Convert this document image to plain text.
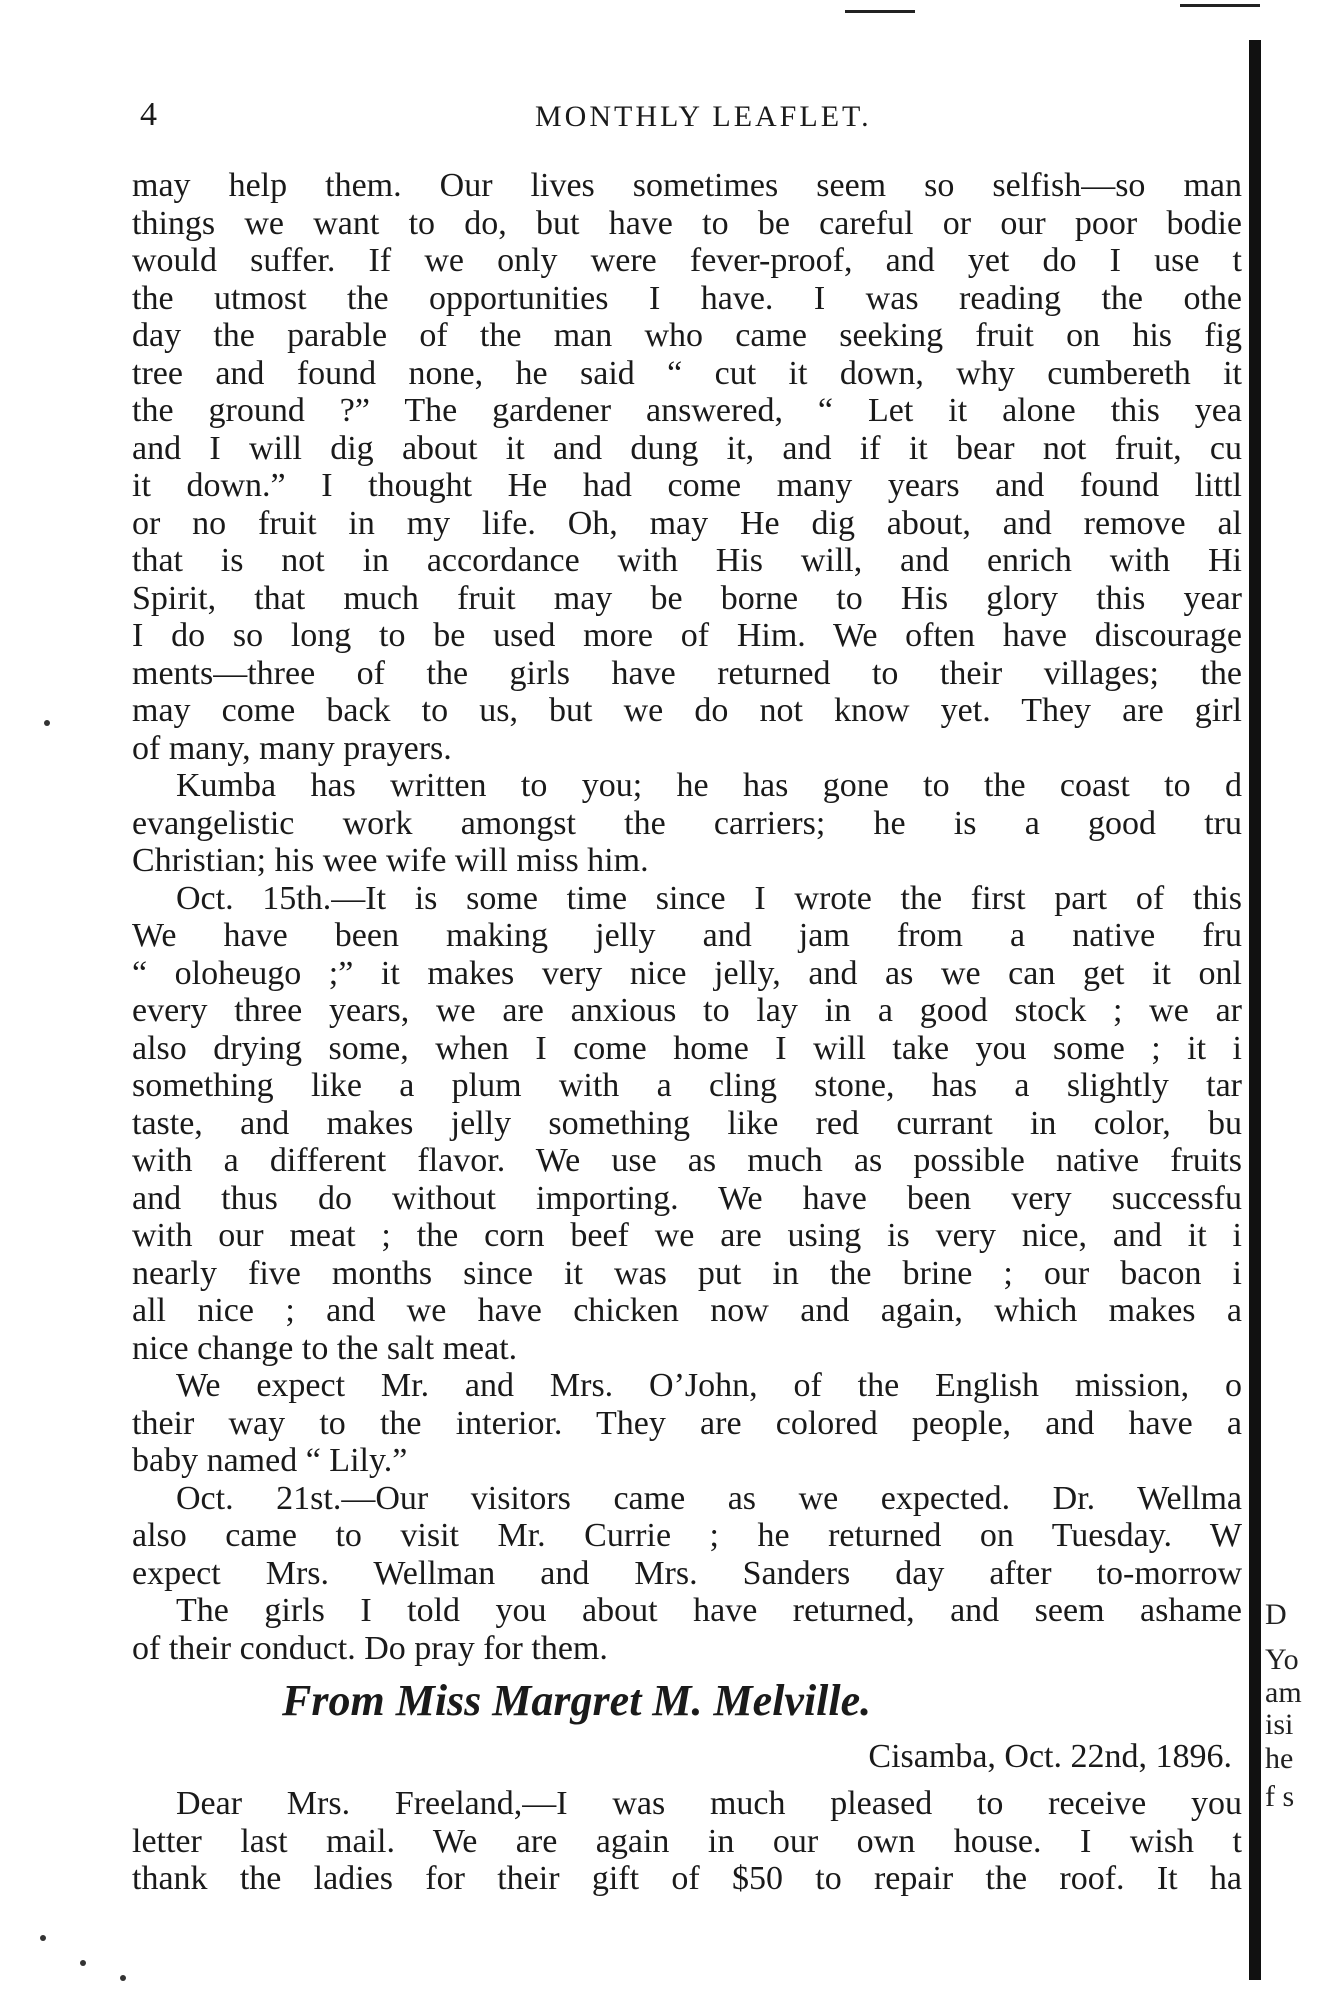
4	MONTHLY LEAFLET.
may help them. Our lives sometimes seem so selfish—so man
things we want to do, but have to be careful or our poor bodie
would suffer. If we only were fever-proof, and yet do I use t
the utmost the opportunities I have. I was reading the othe
day the parable of the man who came seeking fruit on his fig
tree and found none, he said “ cut it down, why cumbereth it
the ground ?” The gardener answered, “ Let it alone this yea
and I will dig about it and dung it, and if it bear not fruit, cu
it down.” I thought He had come many years and found littl
or no fruit in my life. Oh, may He dig about, and remove al
that is not in accordance with His will, and enrich with Hi
Spirit, that much fruit may be borne to His glory this year
I do so long to be used more of Him. We often have discourage
ments—three of the girls have returned to their villages; the
may come back to us, but we do not know yet. They are girl
of many, many prayers.
Kumba has written to you; he has gone to the coast to d
evangelistic work amongst the carriers; he is a good tru
Christian; his wee wife will miss him.
Oct. 15th.—It is some time since I wrote the first part of this
We have been making jelly and jam from a native fru
“ oloheugo ;” it makes very nice jelly, and as we can get it onl
every three years, we are anxious to lay in a good stock ; we ar
also drying some, when I come home I will take you some ; it i
something like a plum with a cling stone, has a slightly tar
taste, and makes jelly something like red currant in color, bu
with a different flavor. We use as much as possible native fruits
and thus do without importing. We have been very successfu
with our meat ; the corn beef we are using is very nice, and it i
nearly five months since it was put in the brine ; our bacon i
all nice ; and we have chicken now and again, which makes a
nice change to the salt meat.
We expect Mr. and Mrs. O’John, of the English mission, o
their way to the interior. They are colored people, and have a
baby named “ Lily.”
Oct. 21st.—Our visitors came as we expected. Dr. Wellma
also came to visit Mr. Currie ; he returned on Tuesday. W
expect Mrs. Wellman and Mrs. Sanders day after to-morrow
The girls I told you about have returned, and seem ashame
of their conduct. Do pray for them.
From Miss Margret M. Melville.
Cisamba, Oct. 22nd, 1896.
Dear Mrs. Freeland,—I was much pleased to receive you
letter last mail. We are again in our own house. I wish t
thank the ladies for their gift of $50 to repair the roof. It ha
D
Yo
am
isi
he
f s
